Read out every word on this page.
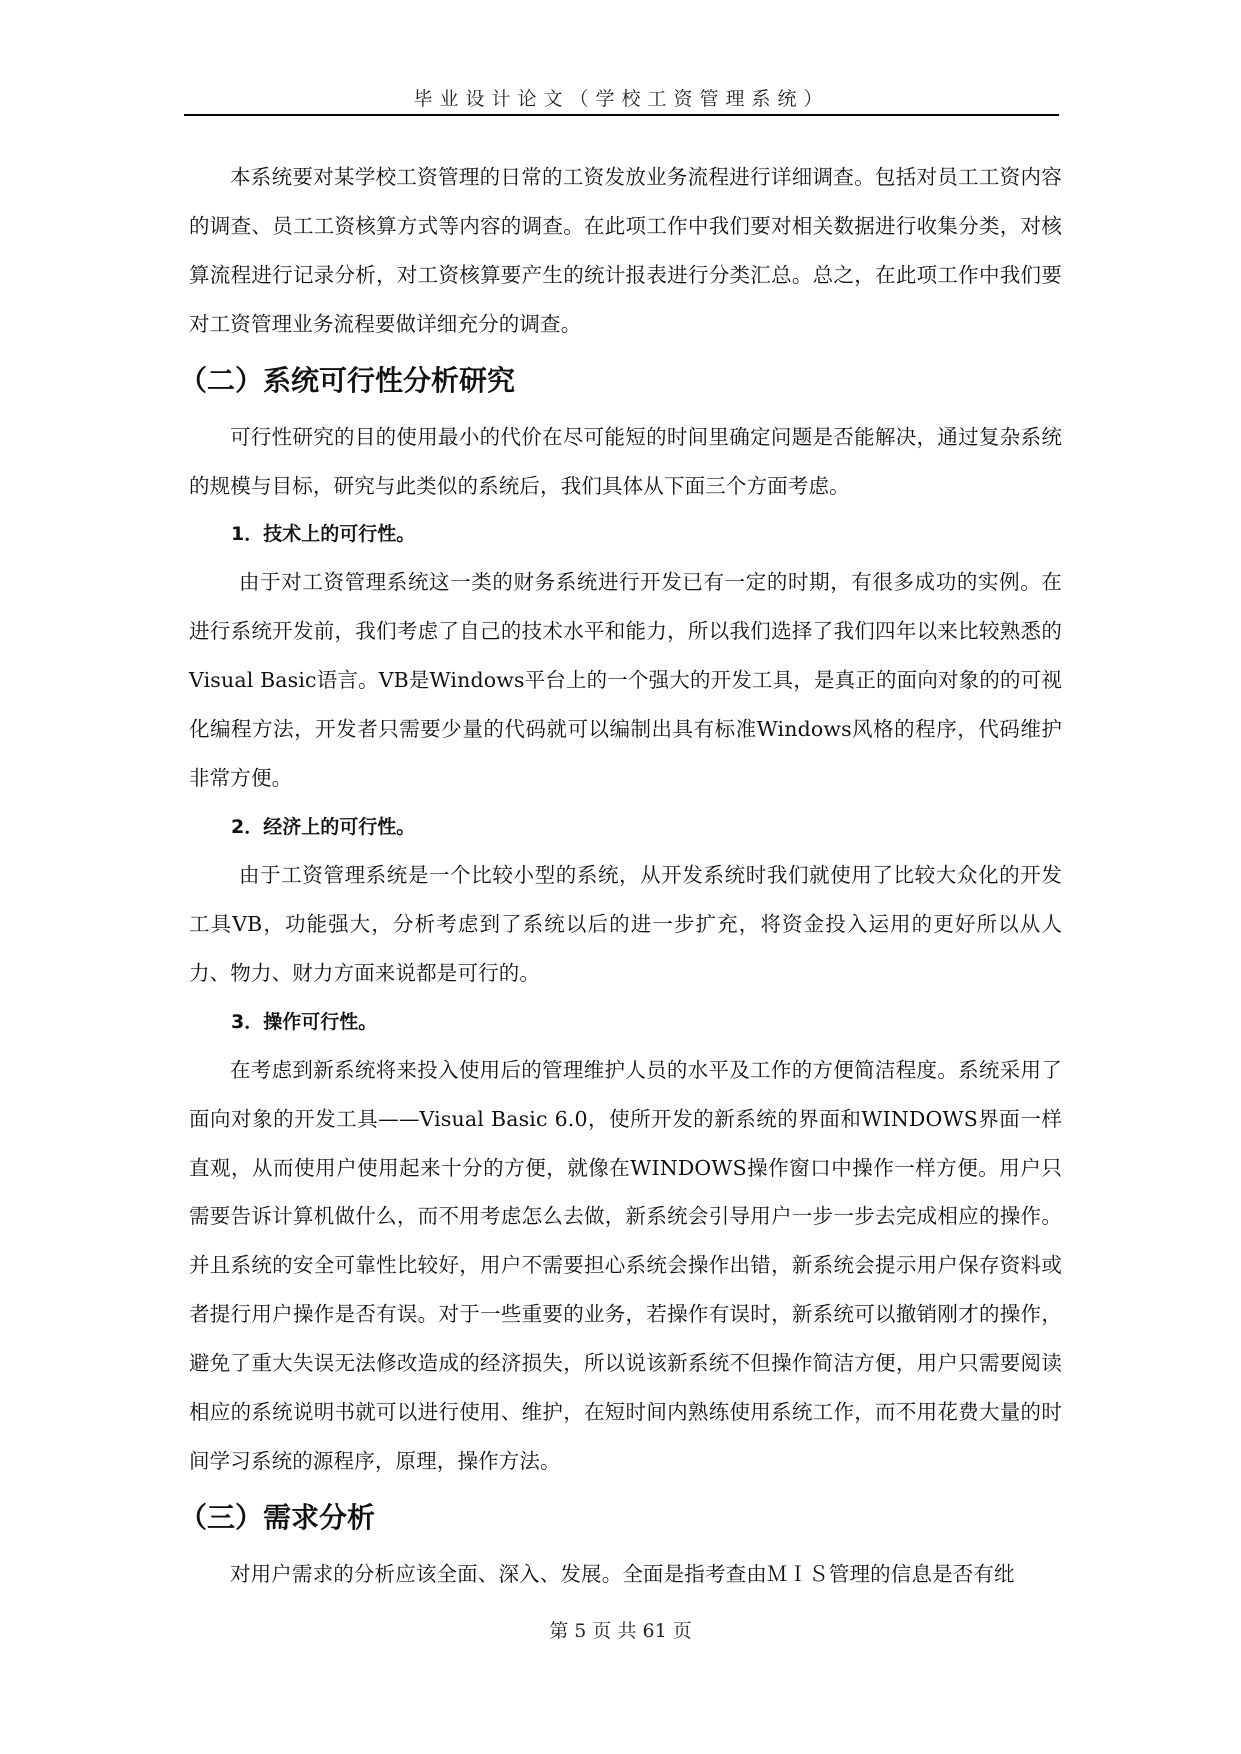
毕业设计论文（学校工资管理系统）

本系统要对某学校工资管理的日常的工资发放业务流程进行详细调查。包括对员工工资内容的调查、员工工资核算方式等内容的调查。在此项工作中我们要对相关数据进行收集分类，对核算流程进行记录分析，对工资核算要产生的统计报表进行分类汇总。总之，在此项工作中我们要对工资管理业务流程要做详细充分的调查。

（二）系统可行性分析研究

可行性研究的目的使用最小的代价在尽可能短的时间里确定问题是否能解决，通过复杂系统的规模与目标，研究与此类似的系统后，我们具体从下面三个方面考虑。

1．技术上的可行性。

由于对工资管理系统这一类的财务系统进行开发已有一定的时期，有很多成功的实例。在进行系统开发前，我们考虑了自己的技术水平和能力，所以我们选择了我们四年以来比较熟悉的Visual Basic语言。VB是Windows平台上的一个强大的开发工具，是真正的面向对象的的可视化编程方法，开发者只需要少量的代码就可以编制出具有标准Windows风格的程序，代码维护非常方便。

2．经济上的可行性。

由于工资管理系统是一个比较小型的系统，从开发系统时我们就使用了比较大众化的开发工具VB，功能强大，分析考虑到了系统以后的进一步扩充，将资金投入运用的更好所以从人力、物力、财力方面来说都是可行的。

3．操作可行性。

在考虑到新系统将来投入使用后的管理维护人员的水平及工作的方便简洁程度。系统采用了面向对象的开发工具——Visual Basic 6.0，使所开发的新系统的界面和WINDOWS界面一样直观，从而使用户使用起来十分的方便，就像在WINDOWS操作窗口中操作一样方便。用户只需要告诉计算机做什么，而不用考虑怎么去做，新系统会引导用户一步一步去完成相应的操作。并且系统的安全可靠性比较好，用户不需要担心系统会操作出错，新系统会提示用户保存资料或者提行用户操作是否有误。对于一些重要的业务，若操作有误时，新系统可以撤销刚才的操作，避免了重大失误无法修改造成的经济损失，所以说该新系统不但操作简洁方便，用户只需要阅读相应的系统说明书就可以进行使用、维护，在短时间内熟练使用系统工作，而不用花费大量的时间学习系统的源程序，原理，操作方法。

（三）需求分析

对用户需求的分析应该全面、深入、发展。全面是指考查由ＭＩＳ管理的信息是否有纰

第 5 页 共 61 页
